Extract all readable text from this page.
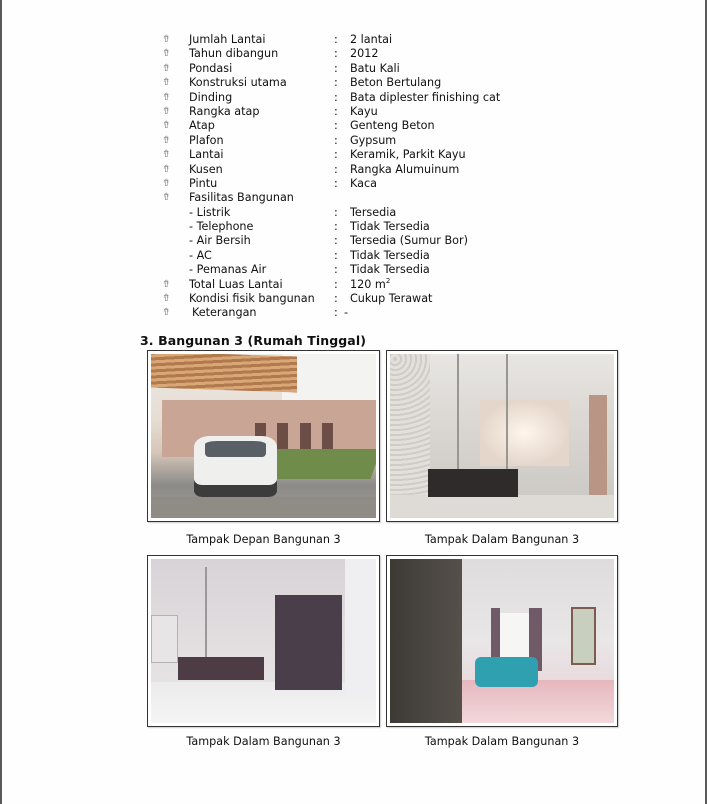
⇮	Jumlah Lantai	: 2 lantai
⇮	Tahun dibangun	: 2012
⇮	Pondasi	: Batu Kali
⇮	Konstruksi utama	: Beton Bertulang
⇮	Dinding	: Bata diplester finishing cat
⇮	Rangka atap	: Kayu
⇮	Atap	: Genteng Beton
⇮	Plafon	: Gypsum
⇮	Lantai	: Keramik, Parkit Kayu
⇮	Kusen	: Rangka Alumuinum
⇮	Pintu	: Kaca
⇮	Fasilitas Bangunan
- Listrik	: Tersedia
- Telephone	: Tidak Tersedia
- Air Bersih	: Tersedia (Sumur Bor)
- AC	: Tidak Tersedia
- Pemanas Air	: Tidak Tersedia
⇮	Total Luas Lantai	: 120 $m^2$
⇮	Kondisi fisik bangunan : Cukup Terawat
⇮	Keterangan	: -
3. Bangunan 3 (Rumah Tinggal)
Tampak Depan Bangunan 3	Tampak Dalam Bangunan 3
Tampak Dalam Bangunan 3	Tampak Dalam Bangunan 3
